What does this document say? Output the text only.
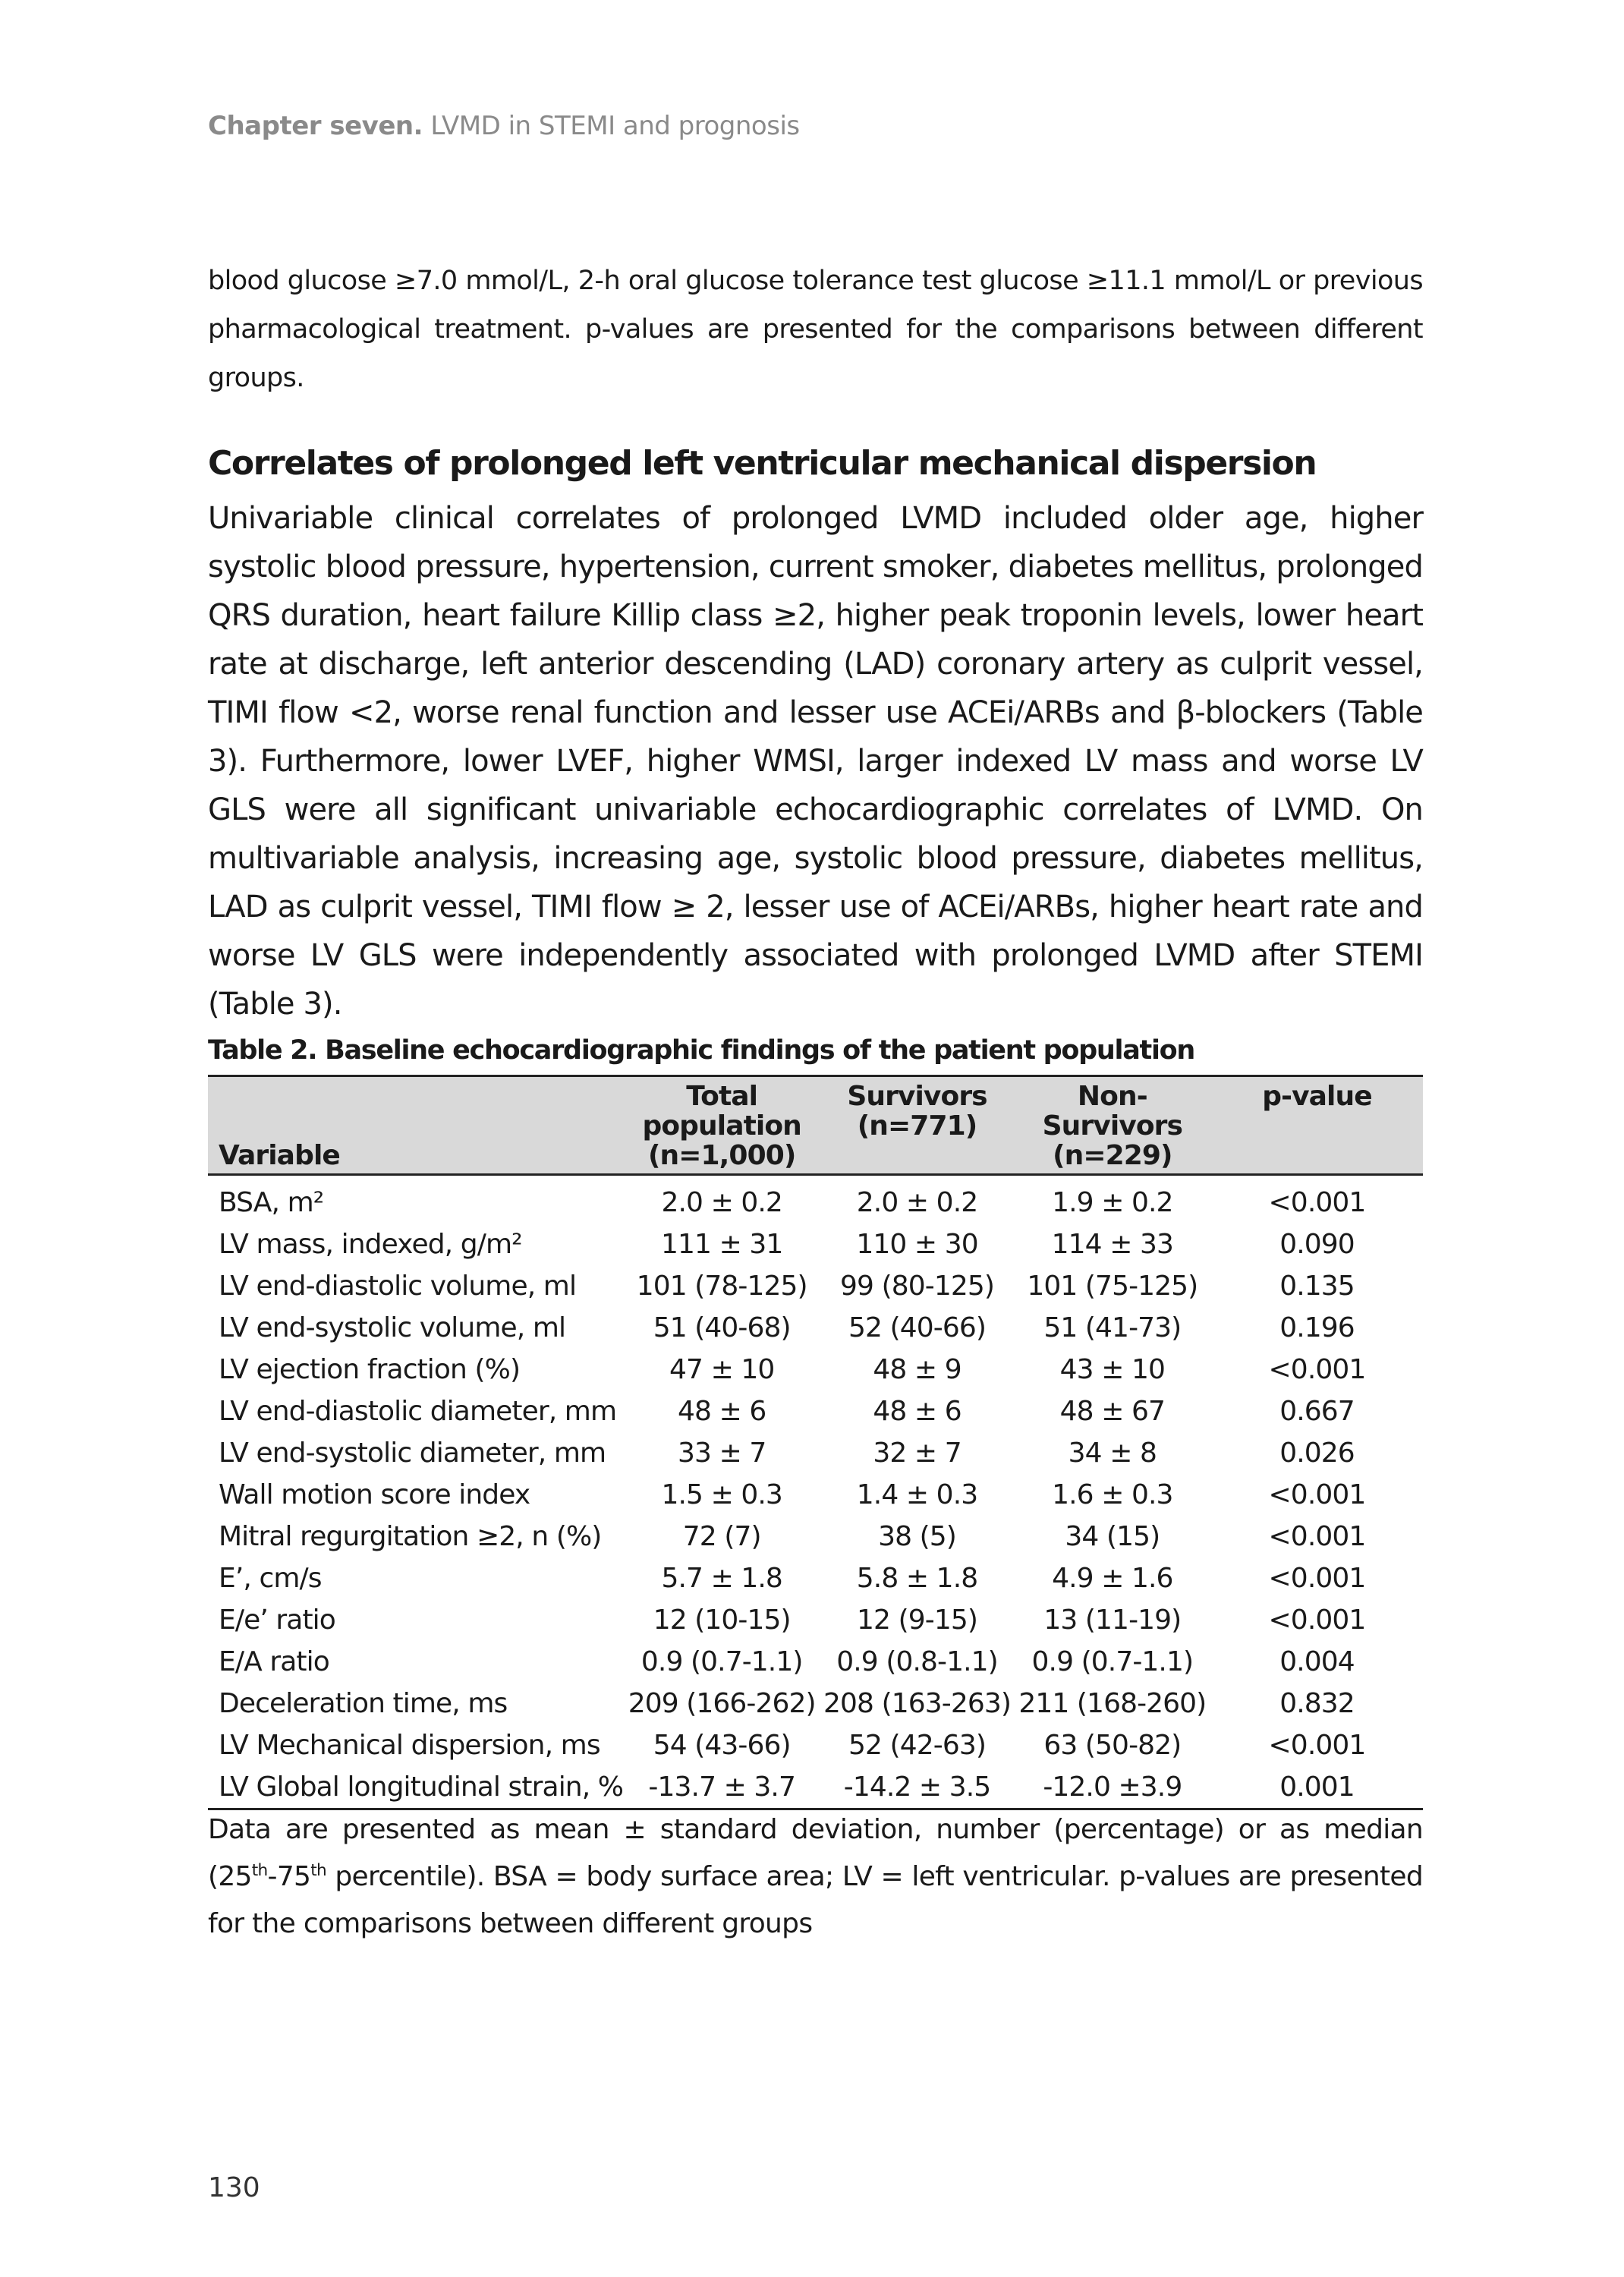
Chapter seven. LVMD in STEMI and prognosis
blood glucose ≥7.0 mmol/L, 2-h oral glucose tolerance test glucose ≥11.1 mmol/L or previous pharmacological treatment. p-values are presented for the comparisons between different groups.
Correlates of prolonged left ventricular mechanical dispersion
Univariable clinical correlates of prolonged LVMD included older age, higher systolic blood pressure, hypertension, current smoker, diabetes mellitus, prolonged QRS duration, heart failure Killip class ≥2, higher peak troponin levels, lower heart rate at discharge, left anterior descending (LAD) coronary artery as culprit vessel, TIMI flow <2, worse renal function and lesser use ACEi/ARBs and β-blockers (Table 3). Furthermore, lower LVEF, higher WMSI, larger indexed LV mass and worse LV GLS were all significant univariable echocardiographic correlates of LVMD. On multivariable analysis, increasing age, systolic blood pressure, diabetes mellitus, LAD as culprit vessel, TIMI flow ≥ 2, lesser use of ACEi/ARBs, higher heart rate and worse LV GLS were independently associated with prolonged LVMD after STEMI (Table 3).
Table 2. Baseline echocardiographic findings of the patient population
Variable	Total
population
(n=1,000)	Survivors
(n=771)	Non-
Survivors
(n=229)	p-value
BSA, m²	2.0 ± 0.2	2.0 ± 0.2	1.9 ± 0.2	<0.001
LV mass, indexed, g/m²	111 ± 31	110 ± 30	114 ± 33	0.090
LV end-diastolic volume, ml	101 (78-125)	99 (80-125)	101 (75-125)	0.135
LV end-systolic volume, ml	51 (40-68)	52 (40-66)	51 (41-73)	0.196
LV ejection fraction (%)	47 ± 10	48 ± 9	43 ± 10	<0.001
LV end-diastolic diameter, mm	48 ± 6	48 ± 6	48 ± 67	0.667
LV end-systolic diameter, mm	33 ± 7	32 ± 7	34 ± 8	0.026
Wall motion score index	1.5 ± 0.3	1.4 ± 0.3	1.6 ± 0.3	<0.001
Mitral regurgitation ≥2, n (%)	72 (7)	38 (5)	34 (15)	<0.001
E’, cm/s	5.7 ± 1.8	5.8 ± 1.8	4.9 ± 1.6	<0.001
E/e’ ratio	12 (10-15)	12 (9-15)	13 (11-19)	<0.001
E/A ratio	0.9 (0.7-1.1)	0.9 (0.8-1.1)	0.9 (0.7-1.1)	0.004
Deceleration time, ms	209 (166-262)	208 (163-263)	211 (168-260)	0.832
LV Mechanical dispersion, ms	54 (43-66)	52 (42-63)	63 (50-82)	<0.001
LV Global longitudinal strain, %	-13.7 ± 3.7	-14.2 ± 3.5	-12.0 ±3.9	0.001
Data are presented as mean ± standard deviation, number (percentage) or as median (25th-75th percentile). BSA = body surface area; LV = left ventricular. p-values are presented for the comparisons between different groups
130
